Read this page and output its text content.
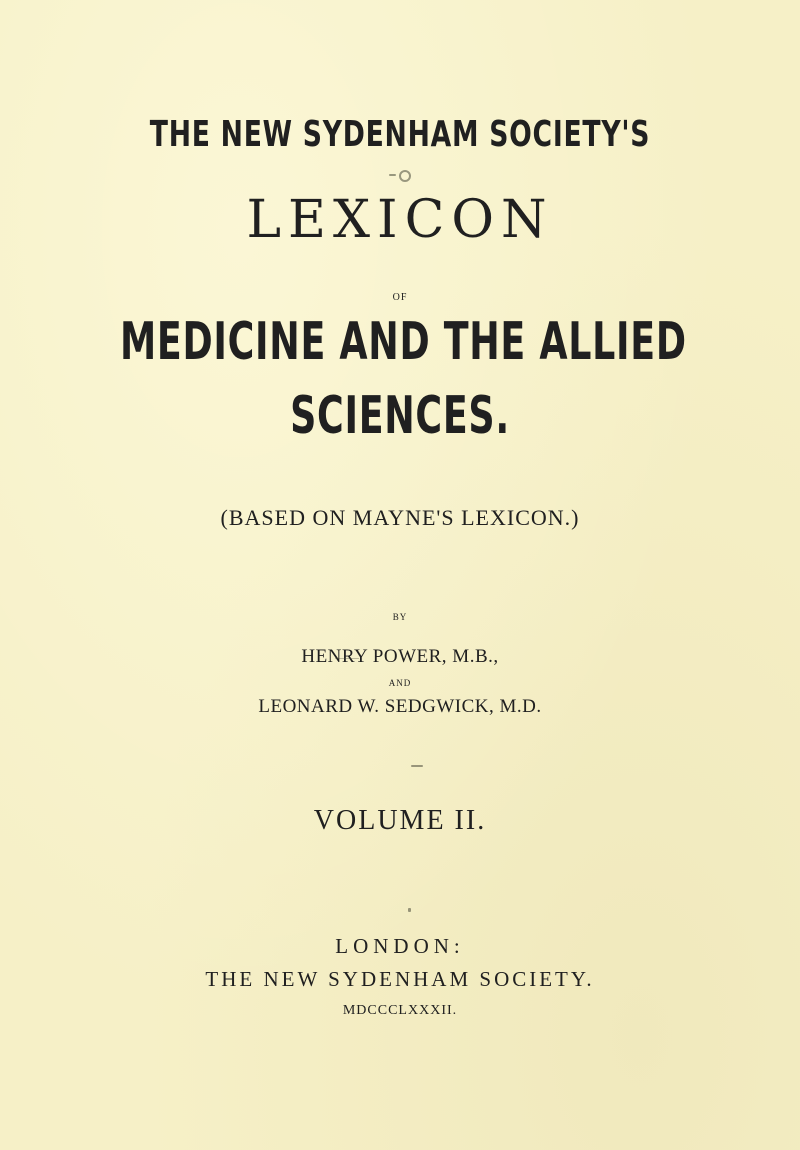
THE NEW SYDENHAM SOCIETY'S
LEXICON
OF
MEDICINE AND THE ALLIED
SCIENCES.
(BASED ON MAYNE'S LEXICON.)
BY
HENRY POWER, M.B.,
AND
LEONARD W. SEDGWICK, M.D.
VOLUME II.
LONDON:
THE NEW SYDENHAM SOCIETY.
MDCCCLXXXII.
